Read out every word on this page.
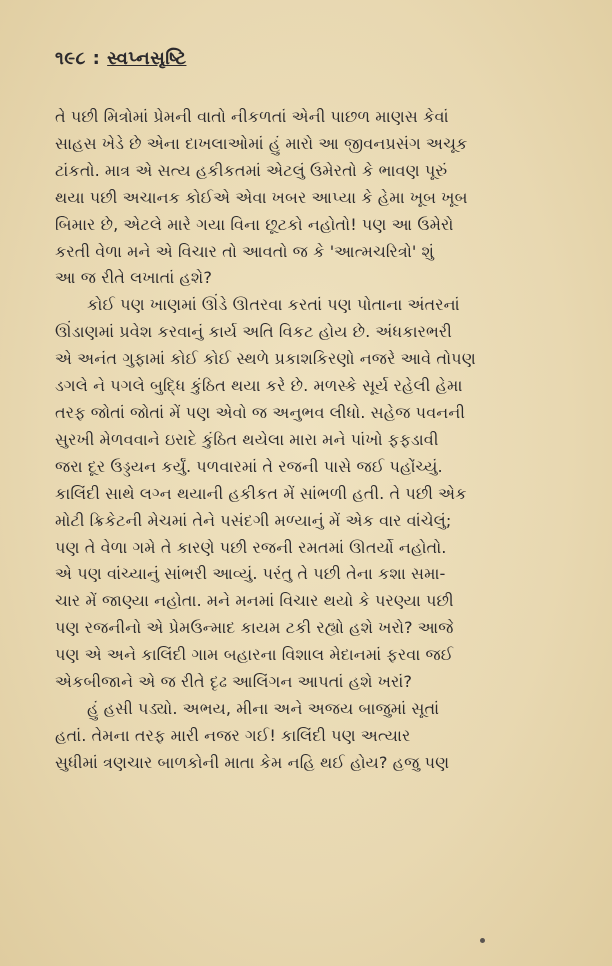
૧૯૮ : સ્વપ્નસૃષ્ટિ
તે પછી મિત્રોમાં પ્રેમની વાતો નીકળતાં એની પાછળ માણસ કેવાં
સાહસ ખેડે છે એના દાખલાઓમાં હું મારો આ જીવનપ્રસંગ અચૂક
ટાંકતો. માત્ર એ સત્ય હકીકતમાં એટલું ઉમેરતો કે ભાવણ પૂરું
થયા પછી અચાનક કોઈએ એવા ખબર આપ્યા કે હેમા ખૂબ ખૂબ
બિમાર છે, એટલે મારે ગયા વિના છૂટકો નહોતો! પણ આ ઉમેરો
કરતી વેળા મને એ વિચાર તો આવતો જ કે 'આત્મચરિત્રો' શું
આ જ રીતે લખાતાં હશે?
કોઈ પણ ખાણમાં ઊંડે ઊતરવા કરતાં પણ પોતાના અંતરનાં
ઊંડાણમાં પ્રવેશ કરવાનું કાર્ય અતિ વિકટ હોય છે. અંધકારભરી
એ અનંત ગુફામાં કોઈ કોઈ સ્થળે પ્રકાશકિરણો નજરે આવે તોપણ
ડગલે ને પગલે બુદ્ધિ કુંઠિત થયા કરે છે. મળસ્કે સૂર્ય રહેલી હેમા
તરફ જોતાં જોતાં મેં પણ એવો જ અનુભવ લીધો. સહેજ પવનની
સુરખી મેળવવાને ઇરાદે કુંઠિત થયેલા મારા મને પાંખો ફફડાવી
જરા દૂર ઉડ્ડયન કર્યું. પળવારમાં તે રજની પાસે જઈ પહોંચ્યું.
કાલિંદી સાથે લગ્ન થયાની હકીકત મેં સાંભળી હતી. તે પછી એક
મોટી ક્રિકેટની મેચમાં તેને પસંદગી મળ્યાનું મેં એક વાર વાંચેલું;
પણ તે વેળા ગમે તે કારણે પછી રજની રમતમાં ઊતર્યો નહોતો.
એ પણ વાંચ્યાનું સાંભરી આવ્યું. પરંતુ તે પછી તેના કશા સમા-
ચાર મેં જાણ્યા નહોતા. મને મનમાં વિચાર થયો કે પરણ્યા પછી
પણ રજનીનો એ પ્રેમઉન્માદ કાયમ ટકી રહ્યો હશે ખરો? આજે
પણ એ અને કાલિંદી ગામ બહારના વિશાલ મેદાનમાં ફરવા જઈ
એકબીજાને એ જ રીતે દૃઢ આલિંગન આપતાં હશે ખરાં?
હું હસી પડ્યો. અભય, મીના અને અજય બાજુમાં સૂતાં
હતાં. તેમના તરફ મારી નજર ગઈ! કાલિંદી પણ અત્યાર
સુધીમાં ત્રણચાર બાળકોની માતા કેમ નહિ થઈ હોય? હજુ પણ
